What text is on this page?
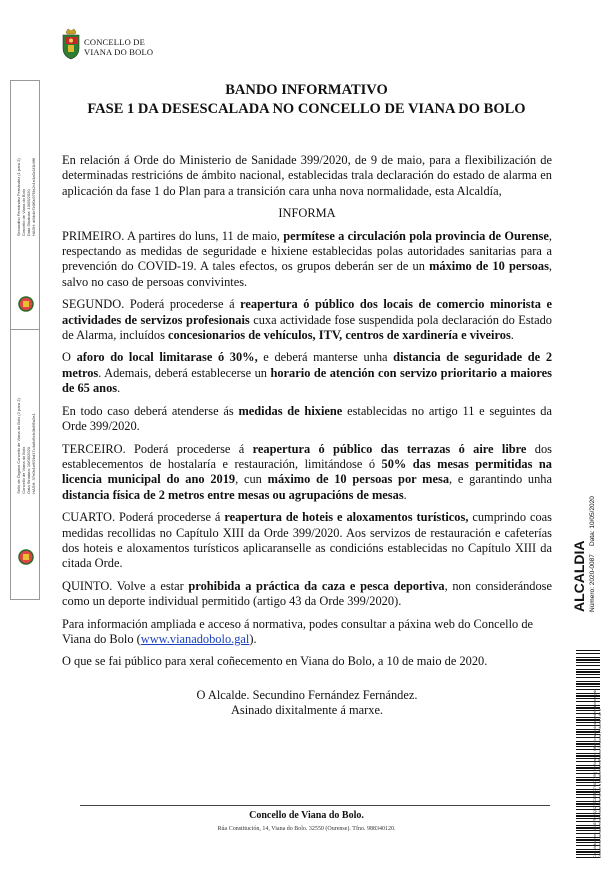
Secundino Fernández Fernández (1 para 2) Concello de Viana do Bolo Data Sinatura: 10/05/2020 HASH: af4b4e7b0f0c97f3a2c1e4a0c1f1b9f6
Sello de Órgano Concello de Viana do Bolo (2 para 2) Concello de Viana do Bolo Data Sinatura: 10/05/2020 HASH: 37e0b1e6f2bd17c4a9d9cfc3b8f5a2e1
CONCELLO DE
VIANA DO BOLO
BANDO INFORMATIVO
FASE 1 DA DESESCALADA NO CONCELLO DE VIANA DO BOLO

En relación á Orde do Ministerio de Sanidade 399/2020, de 9 de maio, para a flexibilización de determinadas restricións de ámbito nacional, establecidas trala declaración do estado de alarma en aplicación da fase 1 do Plan para a transición cara unha nova normalidade, esta Alcaldía,

INFORMA

PRIMEIRO. A partires do luns, 11 de maio, permítese a circulación pola provincia de Ourense, respectando as medidas de seguridade e hixiene establecidas polas autoridades sanitarias para a prevención do COVID-19. A tales efectos, os grupos deberán ser de un máximo de 10 persoas, salvo no caso de persoas convivintes.

SEGUNDO. Poderá procederse á reapertura ó público dos locais de comercio minorista e actividades de servizos profesionais cuxa actividade fose suspendida pola declaración do Estado de Alarma, incluídos concesionarios de vehículos, ITV, centros de xardinería e viveiros.

O aforo do local limitarase ó 30%, e deberá manterse unha distancia de seguridade de 2 metros. Ademais, deberá establecerse un horario de atención con servizo prioritario a maiores de 65 anos.

En todo caso deberá atenderse ás medidas de hixiene establecidas no artigo 11 e seguintes da Orde 399/2020.

TERCEIRO. Poderá procederse á reapertura ó público das terrazas ó aire libre dos establecementos de hostalaría e restauración, limitándose ó 50% das mesas permitidas na licencia municipal do ano 2019, cun máximo de 10 persoas por mesa, e garantindo unha distancia física de 2 metros entre mesas ou agrupacións de mesas.

CUARTO. Poderá procederse á reapertura de hoteis e aloxamentos turísticos, cumprindo coas medidas recollidas no Capítulo XIII da Orde 399/2020. Aos servizos de restauración e cafeterías dos hoteis e aloxamentos turísticos aplicaranselle as condicións establecidas no Capítulo XIII da citada Orde.

QUINTO. Volve a estar prohibida a práctica da caza e pesca deportiva, non considerándose como un deporte individual permitido (artigo 43 da Orde 399/2020).

Para información ampliada e acceso á normativa, podes consultar a páxina web do Concello de Viana do Bolo (www.vianadobolo.gal).

O que se fai público para xeral coñecemento en Viana do Bolo, a 10 de maio de 2020.

O Alcalde. Secundino Fernández Fernández.

Asinado dixitalmente á marxe.

Concello de Viana do Bolo.
Rúa Constitución, 14, Viana do Bolo. 32550 (Ourense). Tfno. 988340120.
ALCALDIA Número: 2020-0087
Data: 10/05/2020
Cód. Validación: 3N2E7RC9Q4ZY9CH5ED7X6CT29 | Verificación: https://vianadobolo.sedelectronica.gal/ Documento asinado electrónicamente desde a plataforma esPublico Gestiona | Páxina 1 de 1
